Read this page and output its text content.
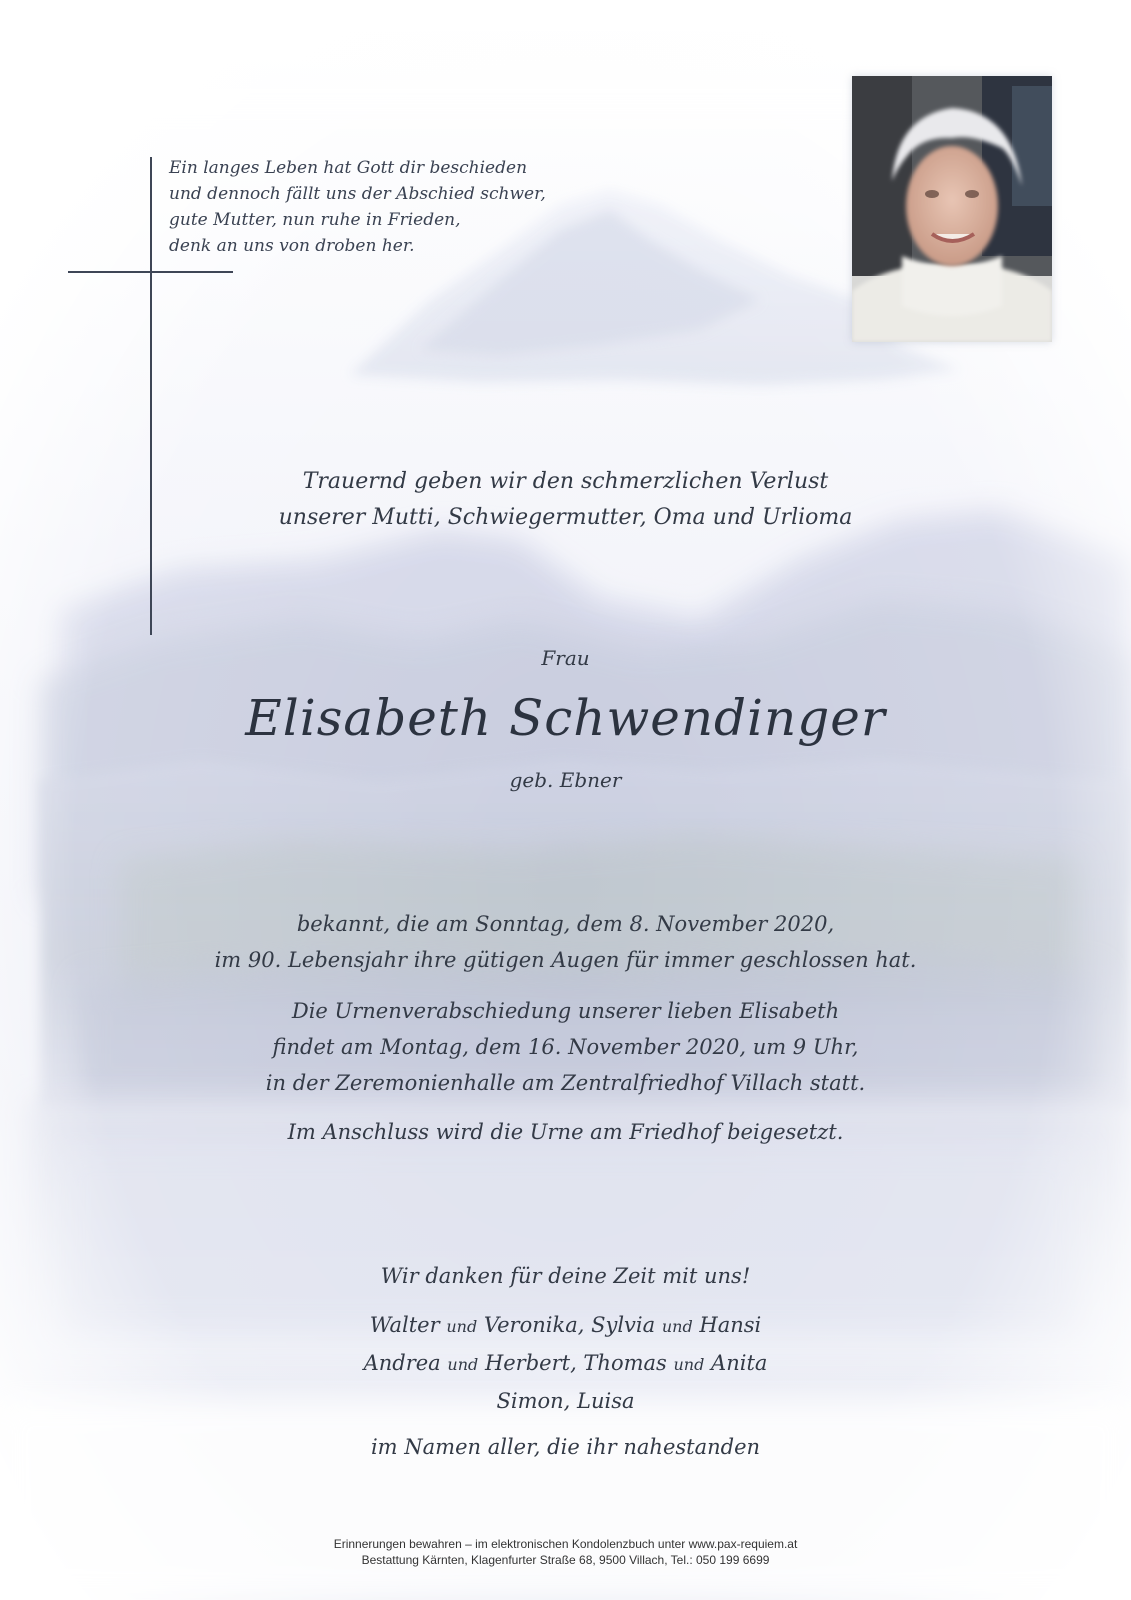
Ein langes Leben hat Gott dir beschieden
und dennoch fällt uns der Abschied schwer,
gute Mutter, nun ruhe in Frieden,
denk an uns von droben her.
Trauernd geben wir den schmerzlichen Verlust
unserer Mutti, Schwiegermutter, Oma und Urlioma
Frau
Elisabeth Schwendinger
geb. Ebner
bekannt, die am Sonntag, dem 8. November 2020,
im 90. Lebensjahr ihre gütigen Augen für immer geschlossen hat.
Die Urnenverabschiedung unserer lieben Elisabeth
findet am Montag, dem 16. November 2020, um 9 Uhr,
in der Zeremonienhalle am Zentralfriedhof Villach statt.
Im Anschluss wird die Urne am Friedhof beigesetzt.
Wir danken für deine Zeit mit uns!
Walter und Veronika, Sylvia und Hansi
Andrea und Herbert, Thomas und Anita
Simon, Luisa
im Namen aller, die ihr nahestanden
Erinnerungen bewahren – im elektronischen Kondolenzbuch unter www.pax-requiem.at
Bestattung Kärnten, Klagenfurter Straße 68, 9500 Villach, Tel.: 050 199 6699
